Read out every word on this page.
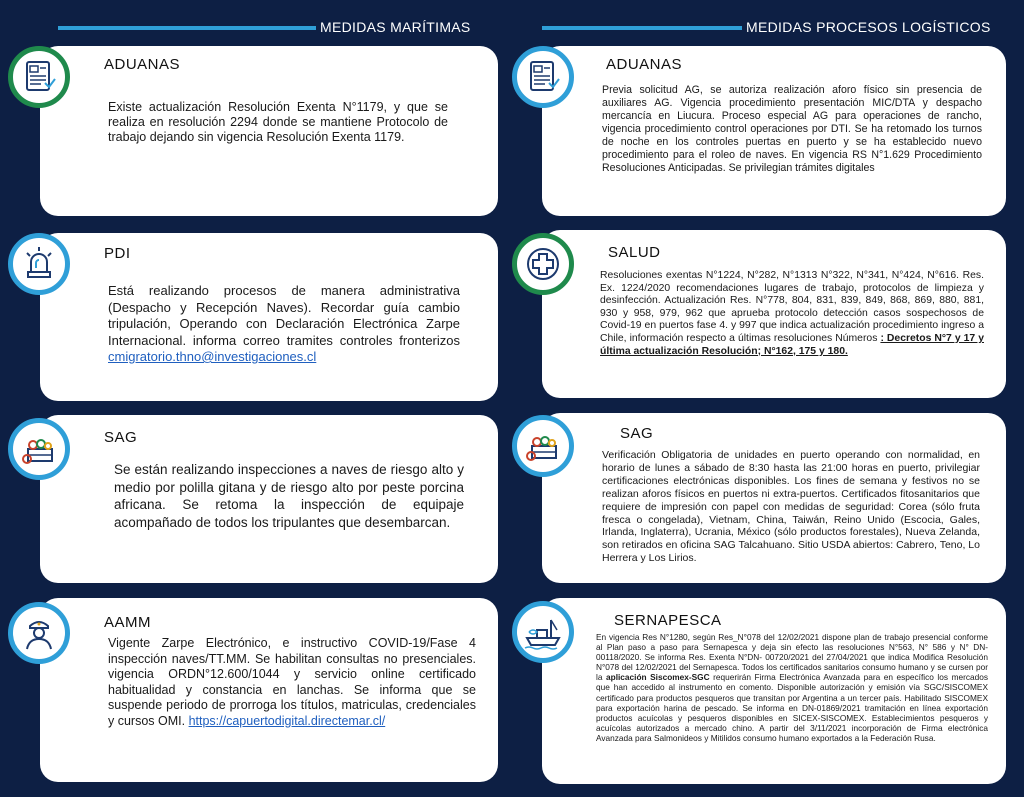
MEDIDAS MARÍTIMAS	MEDIDAS PROCESOS LOGÍSTICOS
ADUANAS
Existe actualización Resolución Exenta N°1179, y que se realiza en resolución 2294 donde se mantiene Protocolo de trabajo dejando sin vigencia Resolución Exenta 1179.
PDI
Está realizando procesos de manera administrativa (Despacho y Recepción Naves). Recordar guía cambio tripulación, Operando con Declaración Electrónica Zarpe Internacional. informa correo tramites controles fronterizos cmigratorio.thno@investigaciones.cl
SAG
Se están realizando inspecciones a naves de riesgo alto y medio por polilla gitana y de riesgo alto por peste porcina africana. Se retoma la inspección de equipaje acompañado de todos los tripulantes que desembarcan.
AAMM
Vigente Zarpe Electrónico, e instructivo COVID-19/Fase 4 inspección naves/TT.MM. Se habilitan consultas no presenciales. vigencia ORDN°12.600/1044 y servicio online certificado habitualidad y constancia en lanchas. Se informa que se suspende periodo de prorroga los títulos, matriculas, credenciales y cursos OMI. https://capuertodigital.directemar.cl/
ADUANAS
Previa solicitud AG, se autoriza realización aforo físico sin presencia de auxiliares AG. Vigencia procedimiento presentación MIC/DTA y despacho mercancía en Liucura. Proceso especial AG para operaciones de rancho, vigencia procedimiento control operaciones por DTI. Se ha retomado los turnos de noche en los controles puertas en puerto y se ha establecido nuevo procedimiento para el roleo de naves. En vigencia RS N°1.629 Procedimiento Resoluciones Anticipadas. Se privilegian trámites digitales
SALUD
Resoluciones exentas N°1224, N°282, N°1313 N°322, N°341, N°424, N°616. Res. Ex. 1224/2020 recomendaciones lugares de trabajo, protocolos de limpieza y desinfección. Actualización Res. N°778, 804, 831, 839, 849, 868, 869, 880, 881, 930 y 958, 979, 962 que aprueba protocolo detección casos sospechosos de Covid-19 en puertos fase 4. y 997 que indica actualización procedimiento ingreso a Chile, información respecto a últimas resoluciones Números : Decretos N°7 y 17 y última actualización Resolución; N°162, 175 y 180.
SAG
Verificación Obligatoria de unidades en puerto operando con normalidad, en horario de lunes a sábado de 8:30 hasta las 21:00 horas en puerto, privilegiar certificaciones electrónicas disponibles. Los fines de semana y festivos no se realizan aforos físicos en puertos ni extra-puertos. Certificados fitosanitarios que requiere de impresión con papel con medidas de seguridad: Corea (sólo fruta fresca o congelada), Vietnam, China, Taiwán, Reino Unido (Escocia, Gales, Irlanda, Inglaterra), Ucrania, México (sólo productos forestales), Nueva Zelanda, son retirados en oficina SAG Talcahuano. Sitio USDA abiertos: Cabrero, Teno, Lo Herrera y Los Lirios.
SERNAPESCA
En vigencia Res N°1280, según Res_N°078 del 12/02/2021 dispone plan de trabajo presencial conforme al Plan paso a paso para Sernapesca y deja sin efecto las resoluciones N°563, N° 586 y N° DN- 00118/2020. Se informa Res. Exenta N°DN- 00720/2021 del 27/04/2021 que indica Modifica Resolución N°078 del 12/02/2021 del Sernapesca. Todos los certificados sanitarios consumo humano y se cursen por la aplicación Siscomex-SGC requerirán Firma Electrónica Avanzada para en específico los mercados que han accedido al instrumento en comento. Disponible autorización y emisión vía SGC/SISCOMEX certificado para productos pesqueros que transitan por Argentina a un tercer país. Habilitado SISCOMEX para exportación harina de pescado. Se informa en DN-01869/2021 tramitación en línea exportación productos acuícolas y pesqueros disponibles en SICEX-SISCOMEX. Establecimientos pesqueros y acuícolas autorizados a mercado chino. A partir del 3/11/2021 incorporación de Firma electrónica Avanzada para Salmonideos y Mitilidos consumo humano exportados a la Federación Rusa.
